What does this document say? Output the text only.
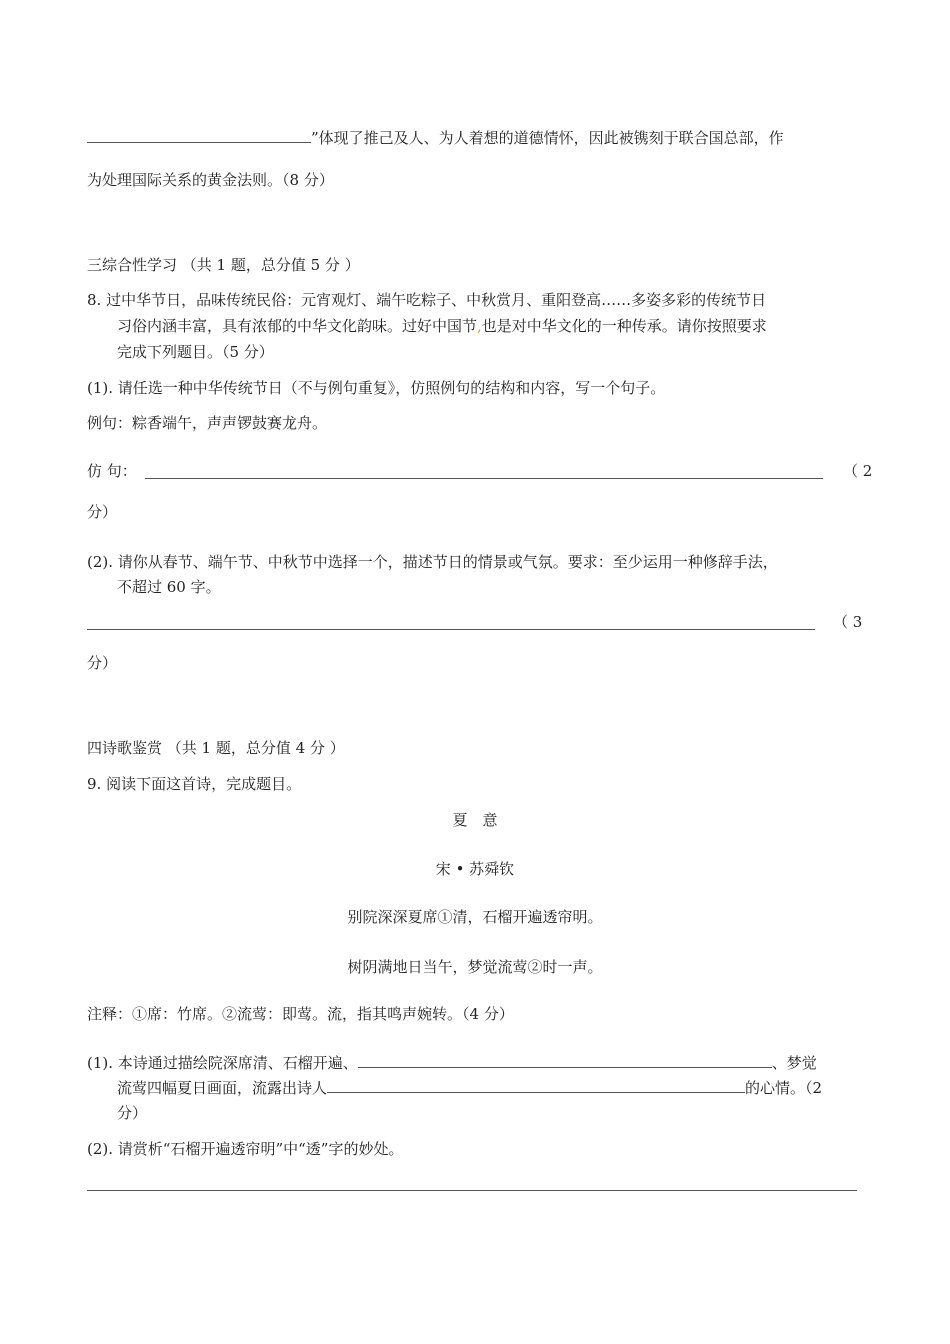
”体现了推己及人、为人着想的道德情怀，因此被镌刻于联合国总部，作
为处理国际关系的黄金法则。（8 分）
三综合性学习 （共 1 题，总分值 5 分 ）
8. 过中华节日，品味传统民俗：元宵观灯、端午吃粽子、中秋赏月、重阳登高……多姿多彩的传统节日
习俗内涵丰富，具有浓郁的中华文化韵味。过好中国节,也是对中华文化的一种传承。请你按照要求
完成下列题目。（5 分）
(1). 请任选一种中华传统节日（不与例句重复》，仿照例句的结构和内容，写一个句子。
例句：粽香端午，声声锣鼓赛龙舟。
仿 句：	（ 2
分）
(2). 请你从春节、端午节、中秋节中选择一个，描述节日的情景或气氛。要求：至少运用一种修辞手法，
不超过 60 字。
（ 3
分）
四诗歌鉴赏 （共 1 题，总分值 4 分 ）
9. 阅读下面这首诗，完成题目。
夏　意
宋 • 苏舜钦
别院深深夏席①清，石榴开遍透帘明。
树阴满地日当午，梦觉流莺②时一声。
注释：①席：竹席。②流莺：即莺。流，指其鸣声婉转。（4 分）
(1). 本诗通过描绘院深席清、石榴开遍、	、梦觉
流莺四幅夏日画面，流露出诗人	的心情。（2
分）
(2). 请赏析“石榴开遍透帘明”中“透”字的妙处。
